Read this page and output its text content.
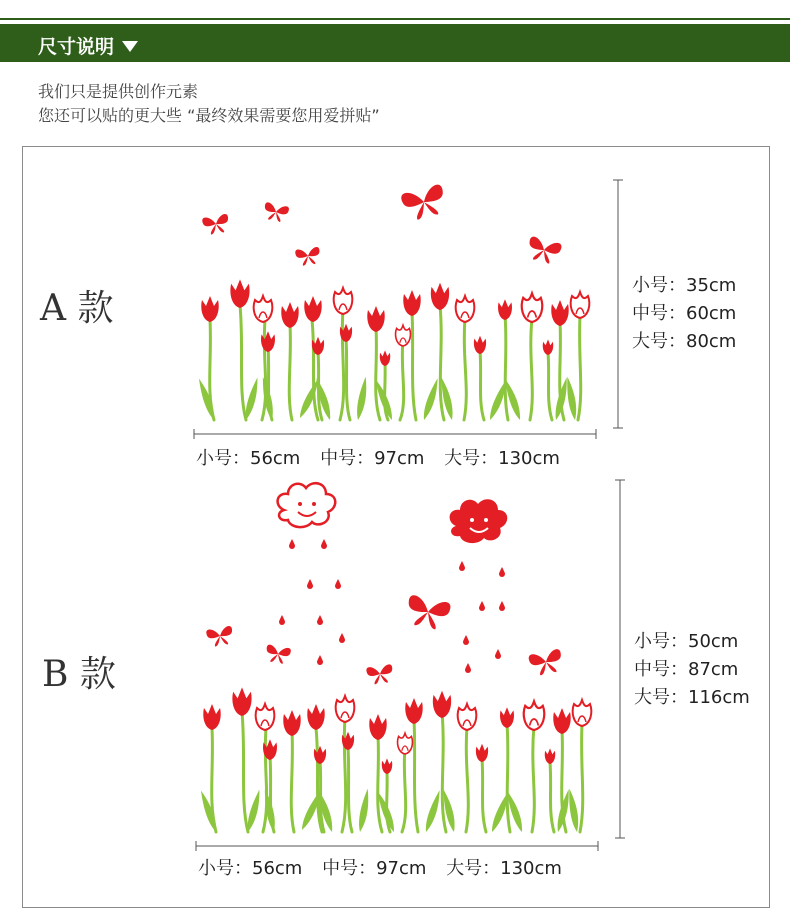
尺寸说明
我们只是提供创作元素
您还可以贴的更大些 “最终效果需要您用爱拼贴”
A 款
小号：35cm
中号：60cm
大号：80cm
小号：56cm 中号：97cm 大号：130cm
B 款
小号：50cm
中号：87cm
大号：116cm
小号：56cm 中号：97cm 大号：130cm
